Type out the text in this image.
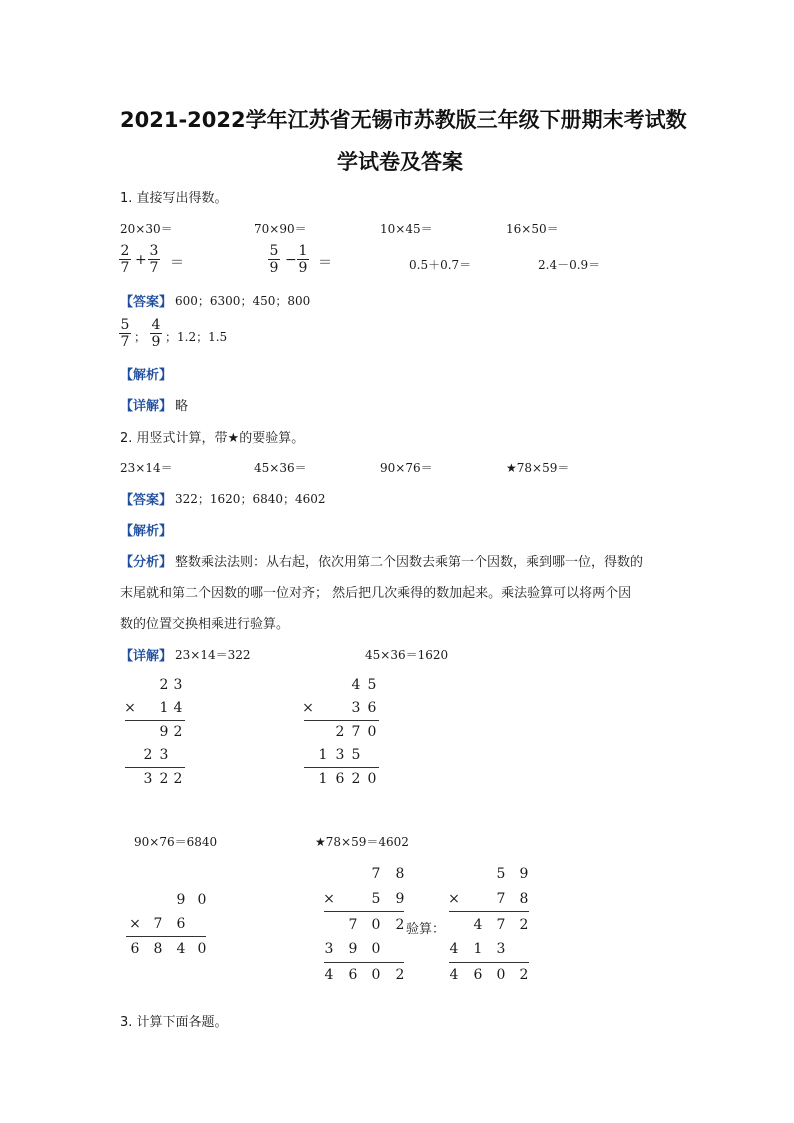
2021-2022学年江苏省无锡市苏教版三年级下册期末考试数
学试卷及答案
1. 直接写出得数。
20×30＝	70×90＝	10×45＝	16×50＝
2
7 +
3
7 ＝
5
9 −
1
9 ＝	0.5＋0.7＝	2.4－0.9＝
【答案】 600；6300；450；800
5
7 ；
4
9 ；1.2；1.5
【解析】
【详解】 略
2. 用竖式计算，带★的要验算。
23×14＝	45×36＝	90×76＝	★78×59＝
【答案】 322；1620；6840；4602
【解析】
【分析】 整数乘法法则：从右起，依次用第二个因数去乘第一个因数，乘到哪一位，得数的
末尾就和第二个因数的哪一位对齐； 然后把几次乘得的数加起来。乘法验算可以将两个因
数的位置交换相乘进行验算。
【详解】 23×14＝322	45×36＝1620
2 3
×	1 4
9 2
2 3
3 2 2
4 5
×	3 6
2 7 0
1 3 5
1 6 2 0
90×76＝6840	★78×59＝4602
9 0
× 7	6
6	8	4 0
7	8
×	5	9
7	0	2
3	9	0
4	6	0	2
验算：
5	9
×	7	8
4	7	2
4	1	3
4	6	0	2
3. 计算下面各题。
